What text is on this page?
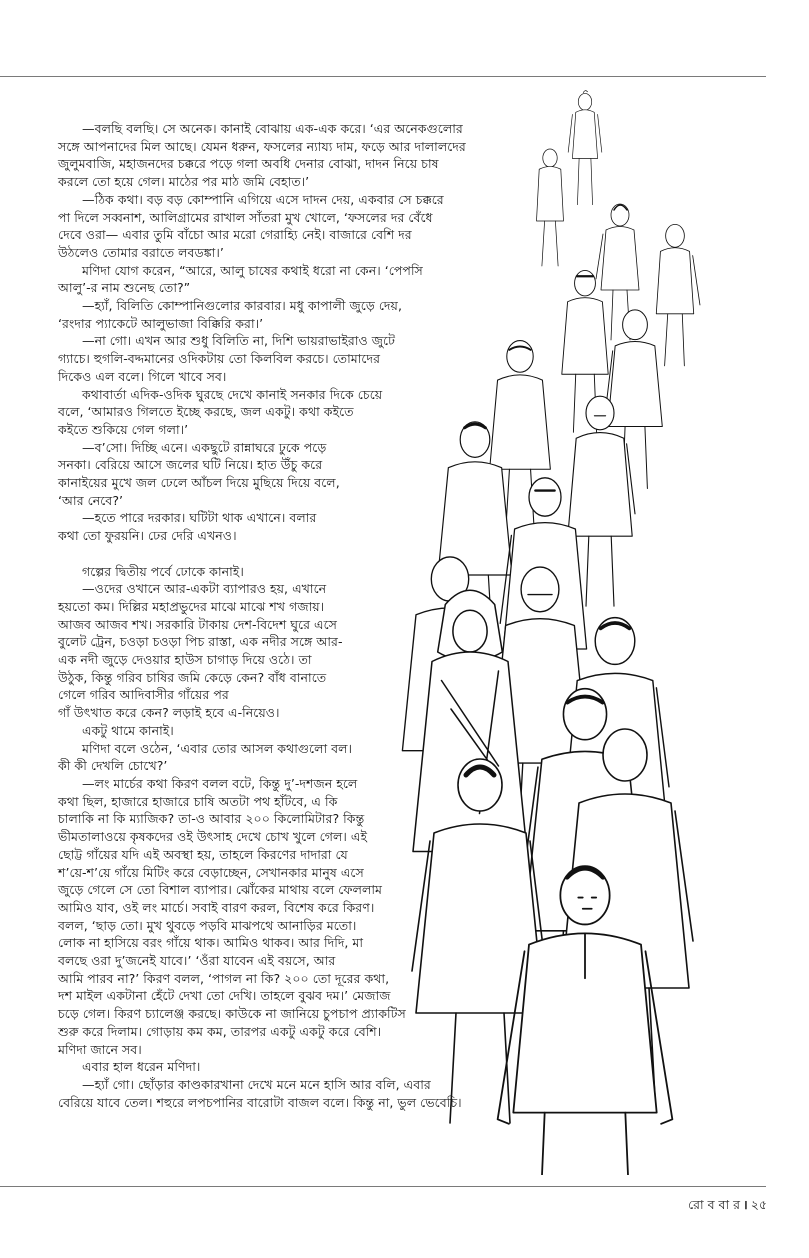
—বলছি বলছি। সে অনেক। কানাই বোঝায় এক-এক করে। ‘এর অনেকগুলোর

সঙ্গে আপনাদের মিল আছে। যেমন ধরুন, ফসলের ন্যায্য দাম, ফড়ে আর দালালদের

জুলুমবাজি, মহাজনদের চক্করে পড়ে গলা অবধি দেনার বোঝা, দাদন নিয়ে চাষ

করলে তো হয়ে গেল। মাঠের পর মাঠ জমি বেহাত।’

—ঠিক কথা। বড় বড় কোম্পানি এগিয়ে এসে দাদন দেয়, একবার সে চক্করে

পা দিলে সব্বনাশ, আলিগ্রামের রাখাল সাঁতরা মুখ খোলে, ‘ফসলের দর বেঁধে

দেবে ওরা— এবার তুমি বাঁচো আর মরো গেরাহ্যি নেই। বাজারে বেশি দর

উঠলেও তোমার বরাতে লবডঙ্কা।’

মণিদা যোগ করেন, “আরে, আলু চাষের কথাই ধরো না কেন। ‘পেপসি

আলু’-র নাম শুনেছ তো?”

—হ্যাঁ, বিলিতি কোম্পানিগুলোর কারবার। মধু কাপালী জুড়ে দেয়,

‘রংদার প্যাকেটে আলুভাজা বিক্কিরি করা।’

—না গো। এখন আর শুধু বিলিতি না, দিশি ভায়রাভাইরাও জুটে

গ্যাচে। হুগলি-বদ্দমানের ওদিকটায় তো কিলবিল করচে। তোমাদের

দিকেও এল বলে। গিলে খাবে সব।

কথাবার্তা এদিক-ওদিক ঘুরছে দেখে কানাই সনকার দিকে চেয়ে

বলে, ‘আমারও গিলতে ইচ্ছে করছে, জল একটু। কথা কইতে

কইতে শুকিয়ে গেল গলা।’

—ব’সো। দিচ্ছি এনে। একছুটে রান্নাঘরে ঢুকে পড়ে

সনকা। বেরিয়ে আসে জলের ঘটি নিয়ে। হাত উঁচু করে

কানাইয়ের মুখে জল ঢেলে আঁচল দিয়ে মুছিয়ে দিয়ে বলে,

‘আর নেবে?’

—হতে পারে দরকার। ঘটিটা থাক এখানে। বলার

কথা তো ফুরয়নি। ঢের দেরি এখনও।

গল্পের দ্বিতীয় পর্বে ঢোকে কানাই।

—ওদের ওখানে আর-একটা ব্যাপারও হয়, এখানে

হয়তো কম। দিল্লির মহাপ্রভুদের মাঝে মাঝে শখ গজায়।

আজব আজব শখ। সরকারি টাকায় দেশ-বিদেশ ঘুরে এসে

বুলেট ট্রেন, চওড়া চওড়া পিচ রাস্তা, এক নদীর সঙ্গে আর-

এক নদী জুড়ে দেওয়ার হাউস চাগাড় দিয়ে ওঠে। তা

উঠুক, কিন্তু গরিব চাষির জমি কেড়ে কেন? বাঁধ বানাতে

গেলে গরিব আদিবাসীর গাঁয়ের পর

গাঁ উৎখাত করে কেন? লড়াই হবে এ-নিয়েও।

একটু থামে কানাই।

মণিদা বলে ওঠেন, ‘এবার তোর আসল কথাগুলো বল।

কী কী দেখলি চোখে?’

—লং মার্চের কথা কিরণ বলল বটে, কিন্তু দু’-দশজন হলে

কথা ছিল, হাজারে হাজারে চাষি অতটা পথ হাঁটবে, এ কি

চালাকি না কি ম্যাজিক? তা-ও আবার ২০০ কিলোমিটার? কিন্তু

ভীমতালাওয়ে কৃষকদের ওই উৎসাহ দেখে চোখ খুলে গেল। এই

ছোট্ট গাঁয়ের যদি এই অবস্থা হয়, তাহলে কিরণের দাদারা যে

শ’য়ে-শ’য়ে গাঁয়ে মিটিং করে বেড়াচ্ছেন, সেখানকার মানুষ এসে

জুড়ে গেলে সে তো বিশাল ব্যাপার। ঝোঁকের মাথায় বলে ফেললাম

আমিও যাব, ওই লং মার্চে। সবাই বারণ করল, বিশেষ করে কিরণ।

বলল, ‘ছাড় তো। মুখ থুবড়ে পড়বি মাঝপথে আনাড়ির মতো।

লোক না হাসিয়ে বরং গাঁয়ে থাক। আমিও থাকব। আর দিদি, মা

বলছে ওরা দু’জনেই যাবে।’ ‘ওঁরা যাবেন এই বয়সে, আর

আমি পারব না?’ কিরণ বলল, ‘পাগল না কি? ২০০ তো দূরের কথা,

দশ মাইল একটানা হেঁটে দেখা তো দেখি। তাহলে বুঝব দম।’ মেজাজ

চড়ে গেল। কিরণ চ্যালেঞ্জ করছে। কাউকে না জানিয়ে চুপচাপ প্র্যাকটিস

শুরু করে দিলাম। গোড়ায় কম কম, তারপর একটু একটু করে বেশি।

মণিদা জানে সব।

এবার হাল ধরেন মণিদা।

—হ্যাঁ গো। ছোঁড়ার কাণ্ডকারখানা দেখে মনে মনে হাসি আর বলি, এবার

বেরিয়ে যাবে তেল। শহুরে লপচপানির বারোটা বাজল বলে। কিন্তু না, ভুল ভেবেচি।

রো ব বা র । ২৫
